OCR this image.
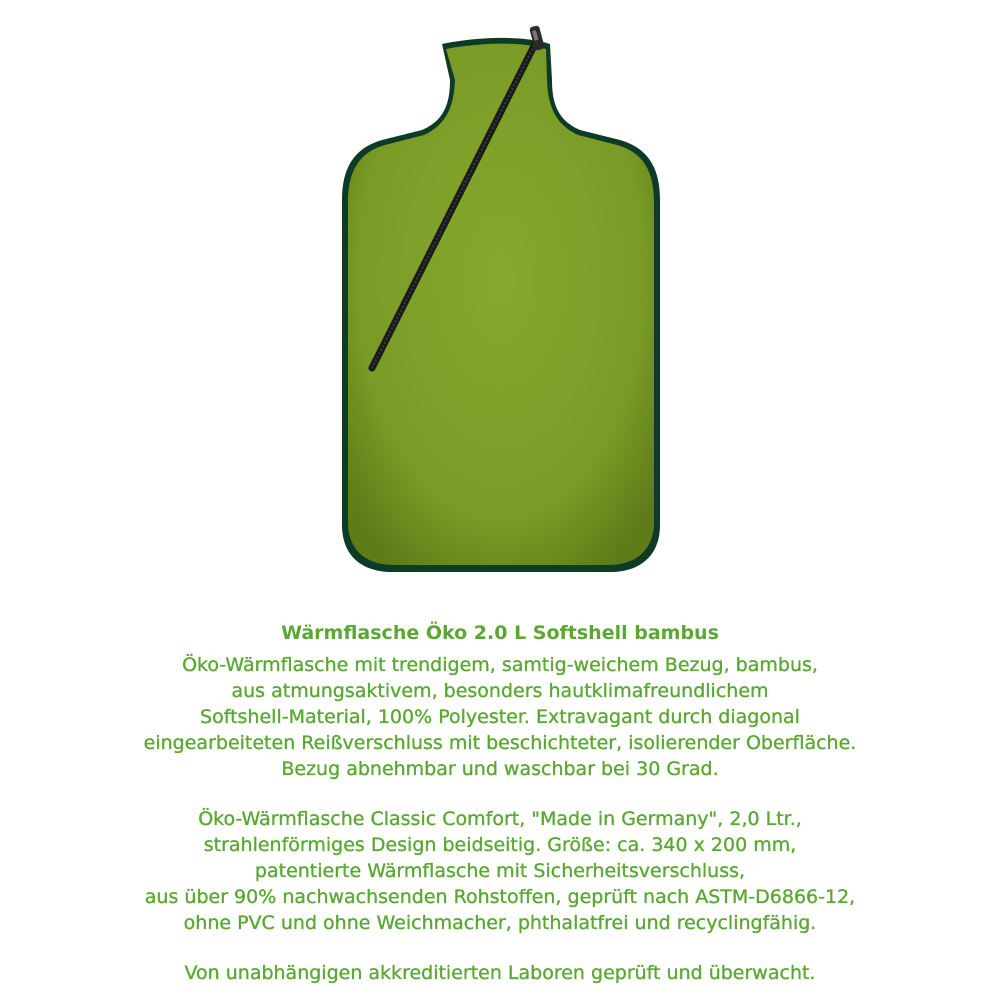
Wärmflasche Öko 2.0 L Softshell bambus

Öko-Wärmflasche mit trendigem, samtig-weichem Bezug, bambus,
aus atmungsaktivem, besonders hautklimafreundlichem
Softshell-Material, 100% Polyester. Extravagant durch diagonal
eingearbeiteten Reißverschluss mit beschichteter, isolierender Oberfläche.
Bezug abnehmbar und waschbar bei 30 Grad.

Öko-Wärmflasche Classic Comfort, "Made in Germany", 2,0 Ltr.,
strahlenförmiges Design beidseitig. Größe: ca. 340 x 200 mm,
patentierte Wärmflasche mit Sicherheitsverschluss,
aus über 90% nachwachsenden Rohstoffen, geprüft nach ASTM-D6866-12,
ohne PVC und ohne Weichmacher, phthalatfrei und recyclingfähig.

Von unabhängigen akkreditierten Laboren geprüft und überwacht.
